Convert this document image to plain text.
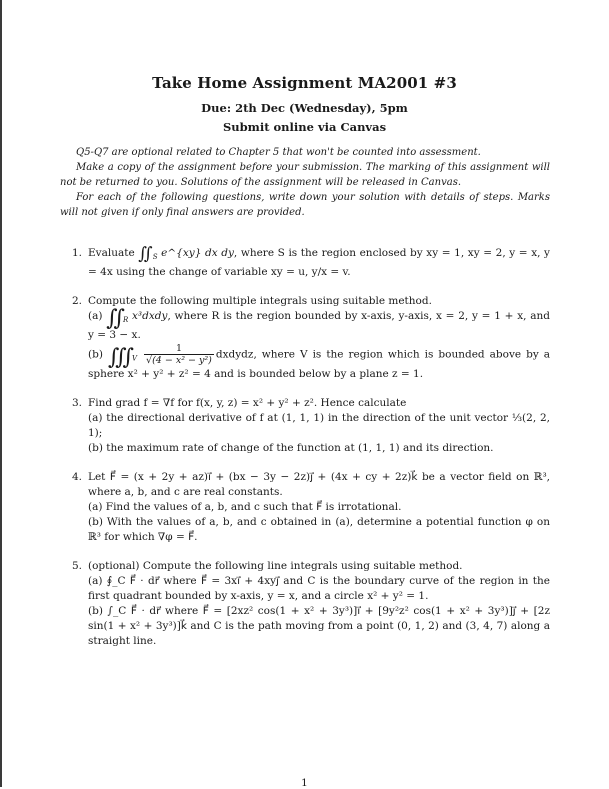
Take Home Assignment MA2001 #3
Due: 2th Dec (Wednesday), 5pm
Submit online via Canvas

Q5-Q7 are optional related to Chapter 5 that won't be counted into assessment.

Make a copy of the assignment before your submission. The marking of this assignment will not be returned to you. Solutions of the assignment will be released in Canvas.

For each of the following questions, write down your solution with details of steps. Marks will not given if only final answers are provided.

1. Evaluate ∬ $_S$ e^{xy} dx dy, where S is the region enclosed by xy = 1, xy = 2, y = x, y = 4x using the change of variable xy = u, y/x = v.

2. Compute the following multiple integrals using suitable method.

(a) ∬ $_R$ x³dxdy, where R is the region bounded by x-axis, y-axis, x = 2, y = 1 + x, and y = 3 − x.

(b) ∭ $_V \frac{1}{\text{√(4 − x² − y²)}}$ dxdydz, where V is the region which is bounded above by a sphere x² + y² + z² = 4 and is bounded below by a plane z = 1.

3. Find grad f = ∇f for f(x, y, z) = x² + y² + z². Hence calculate

(a) the directional derivative of f at (1, 1, 1) in the direction of the unit vector ⅓(2, 2, 1);

(b) the maximum rate of change of the function at (1, 1, 1) and its direction.

4. Let F⃗ = (x + 2y + az)i⃗ + (bx − 3y − 2z)j⃗ + (4x + cy + 2z)k⃗ be a vector field on ℝ³, where a, b, and c are real constants.

(a) Find the values of a, b, and c such that F⃗ is irrotational.

(b) With the values of a, b, and c obtained in (a), determine a potential function φ on ℝ³ for which ∇φ = F⃗.

5. (optional) Compute the following line integrals using suitable method.

(a) ∮_C F⃗ · dr⃗ where F⃗ = 3xi⃗ + 4xyj⃗ and C is the boundary curve of the region in the first quadrant bounded by x-axis, y = x, and a circle x² + y² = 1.

(b) ∫_C F⃗ · dr⃗ where F⃗ = [2xz² cos(1 + x² + 3y³)]i⃗ + [9y²z² cos(1 + x² + 3y³)]j⃗ + [2z sin(1 + x² + 3y³)]k⃗ and C is the path moving from a point (0, 1, 2) and (3, 4, 7) along a straight line.

1
